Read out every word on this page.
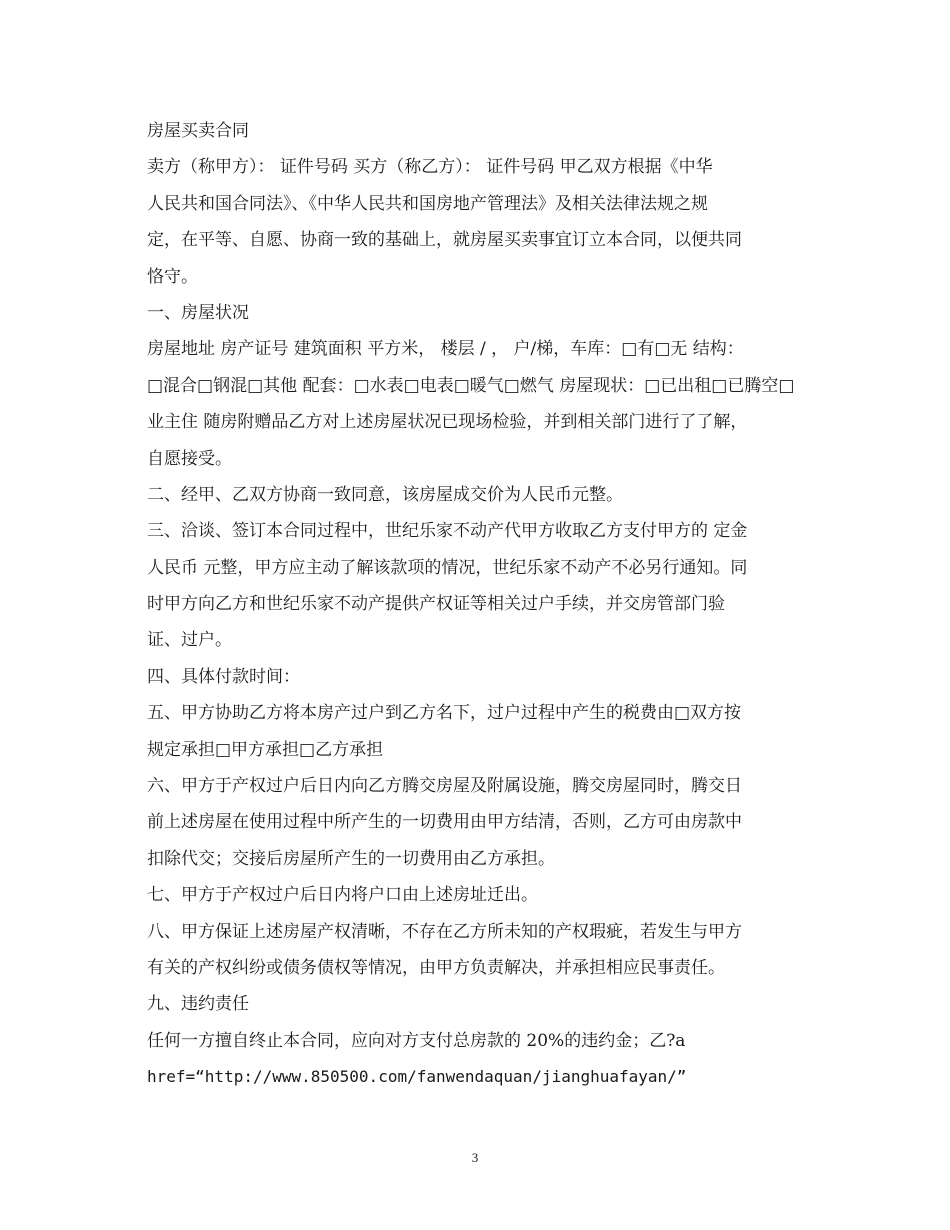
房屋买卖合同
卖方（称甲方）： 证件号码 买方（称乙方）： 证件号码 甲乙双方根据《中华
人民共和国合同法》、《中华人民共和国房地产管理法》及相关法律法规之规
定，在平等、自愿、协商一致的基础上，就房屋买卖事宜订立本合同，以便共同
恪守。
一、房屋状况
房屋地址 房产证号 建筑面积 平方米， 楼层 / ， 户/梯，车库：□有□无 结构：
□混合□钢混□其他 配套：□水表□电表□暖气□燃气 房屋现状：□已出租□已腾空□
业主住 随房附赠品乙方对上述房屋状况已现场检验，并到相关部门进行了了解，
自愿接受。
二、经甲、乙双方协商一致同意，该房屋成交价为人民币元整。
三、洽谈、签订本合同过程中，世纪乐家不动产代甲方收取乙方支付甲方的 定金
人民币 元整，甲方应主动了解该款项的情况，世纪乐家不动产不必另行通知。同
时甲方向乙方和世纪乐家不动产提供产权证等相关过户手续，并交房管部门验
证、过户。
四、具体付款时间：
五、甲方协助乙方将本房产过户到乙方名下，过户过程中产生的税费由□双方按
规定承担□甲方承担□乙方承担
六、甲方于产权过户后日内向乙方腾交房屋及附属设施，腾交房屋同时，腾交日
前上述房屋在使用过程中所产生的一切费用由甲方结清，否则，乙方可由房款中
扣除代交；交接后房屋所产生的一切费用由乙方承担。
七、甲方于产权过户后日内将户口由上述房址迁出。
八、甲方保证上述房屋产权清晰，不存在乙方所未知的产权瑕疵，若发生与甲方
有关的产权纠纷或债务债权等情况，由甲方负责解决，并承担相应民事责任。
九、违约责任
任何一方擅自终止本合同，应向对方支付总房款的 20%的违约金；乙?a
href=“http://www.850500.com/fanwendaquan/jianghuafayan/”
3
